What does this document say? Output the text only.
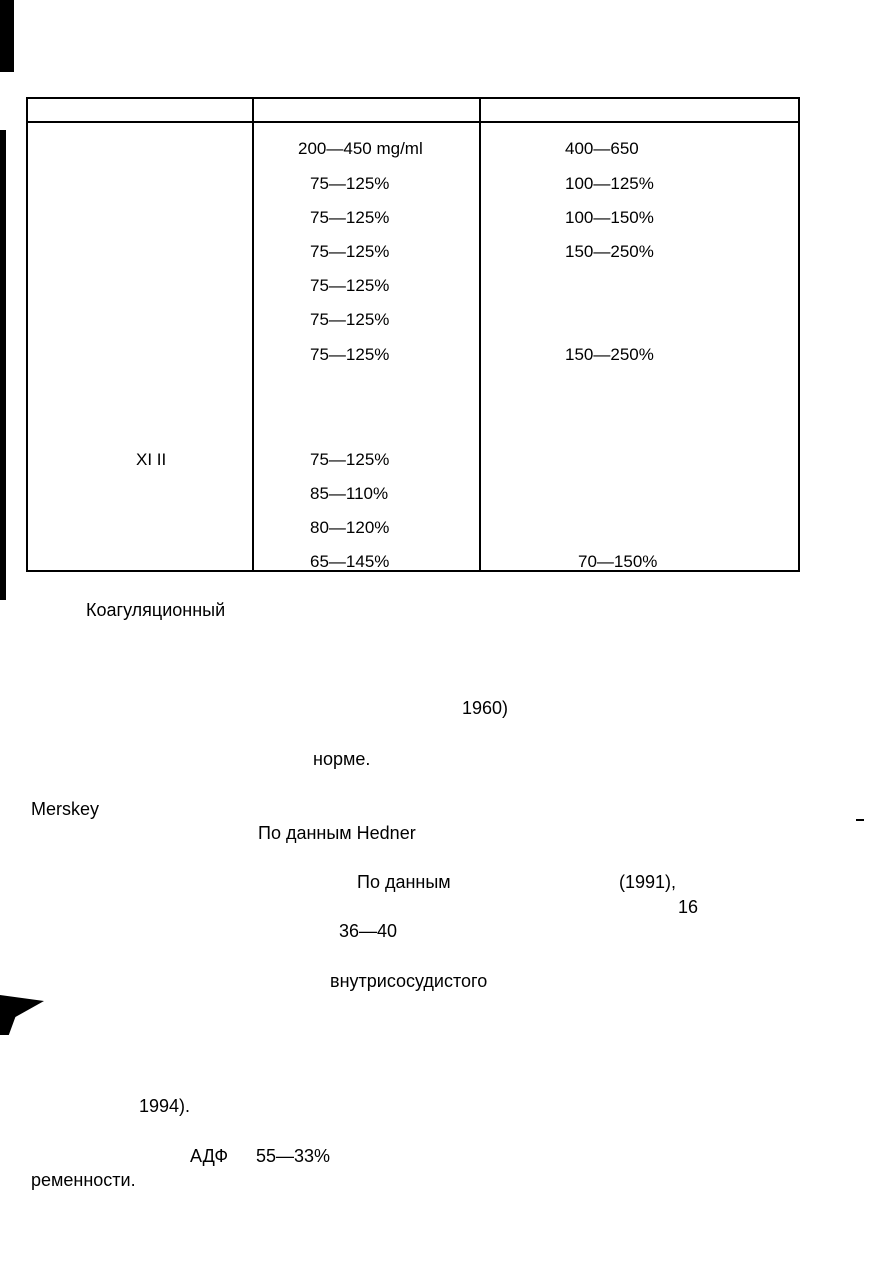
XI II
200—450 mg/ml
75—125%
75—125%
75—125%
75—125%
75—125%
75—125%
75—125%
85—110%
80—120%
65—145%
400—650
100—125%
100—150%
150—250%
150—250%
70—150%
Коагуляционный
1960)
норме.
Merskey
По данным Hedner
По данным	(1991),
16
36—40
внутрисосудистого
1994).
АДФ 55—33%
ременности.
